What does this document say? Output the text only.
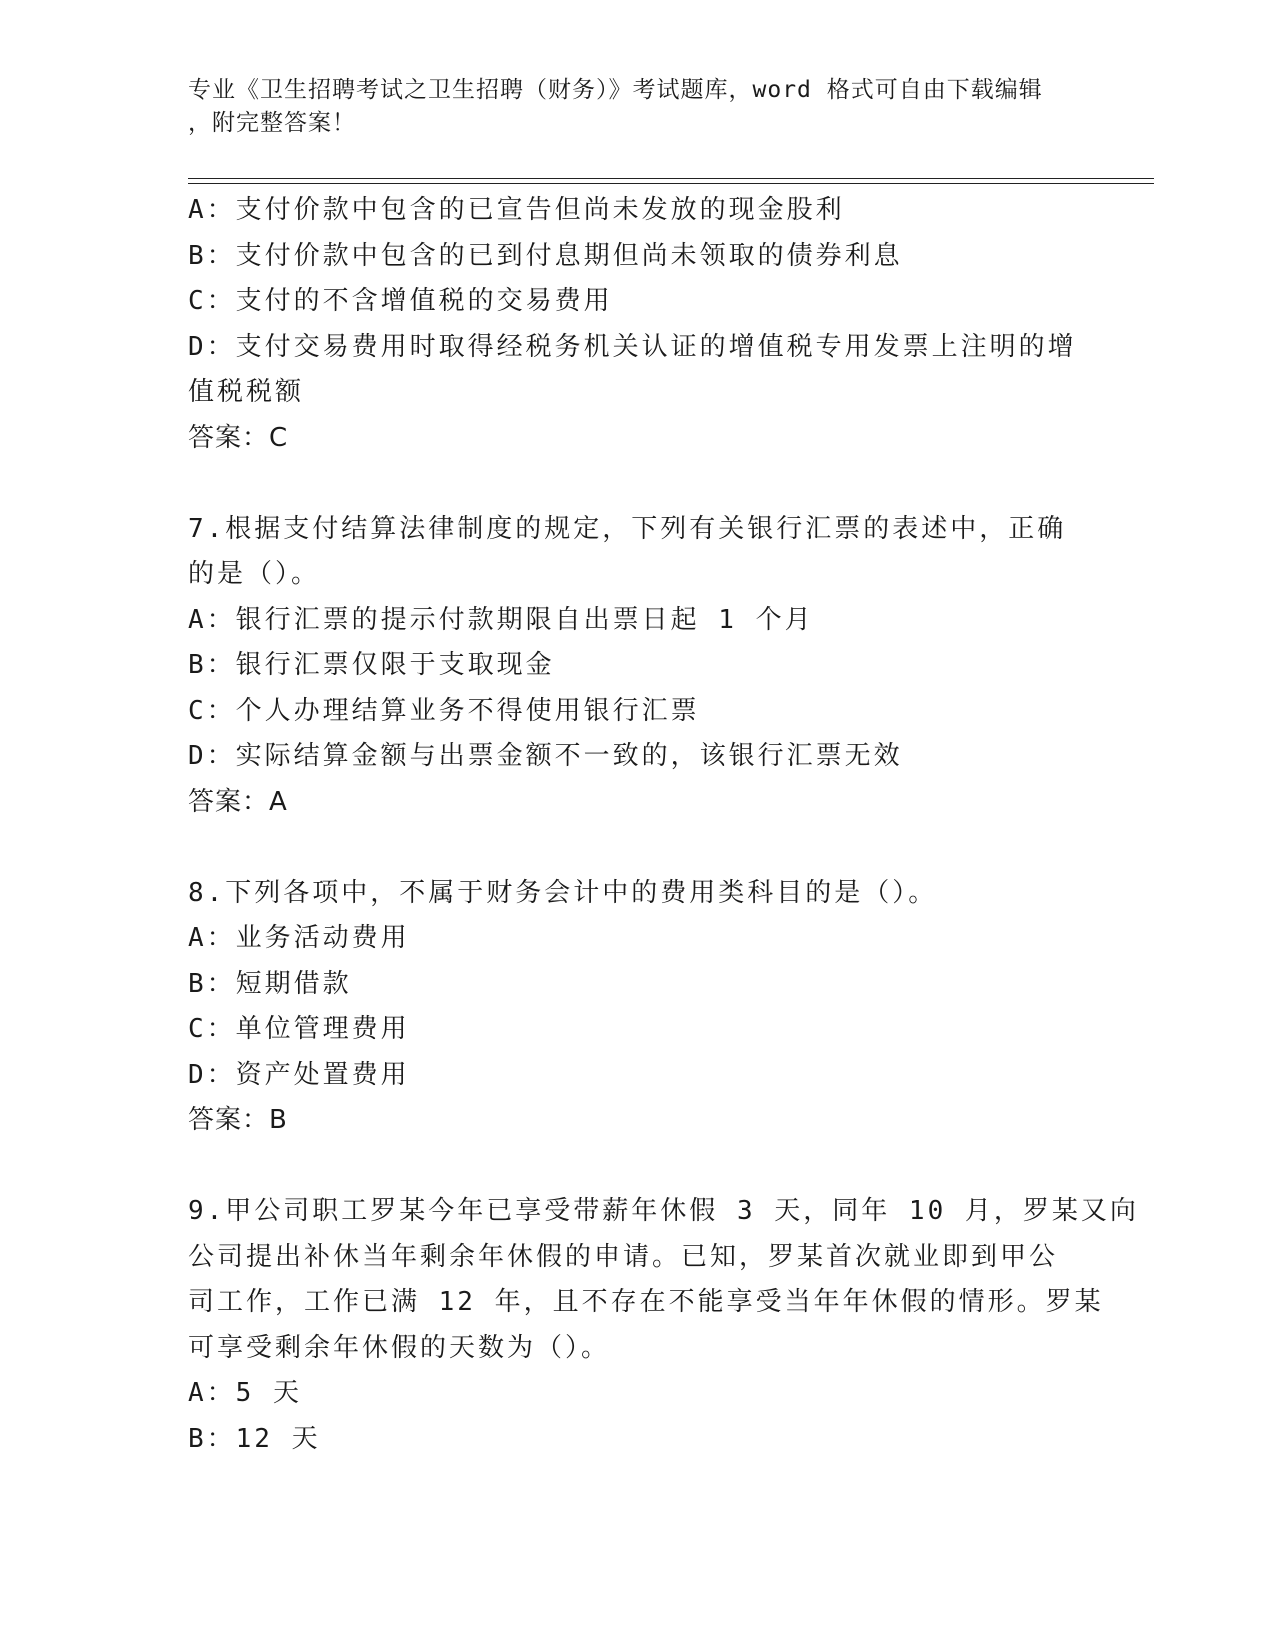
专业《卫生招聘考试之卫生招聘（财务）》考试题库，word 格式可自由下载编辑
，附完整答案！
A：支付价款中包含的已宣告但尚未发放的现金股利
B：支付价款中包含的已到付息期但尚未领取的债券利息
C：支付的不含增值税的交易费用
D：支付交易费用时取得经税务机关认证的增值税专用发票上注明的增
值税税额
答案：C
7.根据支付结算法律制度的规定，下列有关银行汇票的表述中，正确
的是（）。
A：银行汇票的提示付款期限自出票日起 1 个月
B：银行汇票仅限于支取现金
C：个人办理结算业务不得使用银行汇票
D：实际结算金额与出票金额不一致的，该银行汇票无效
答案：A
8.下列各项中，不属于财务会计中的费用类科目的是（）。
A：业务活动费用
B：短期借款
C：单位管理费用
D：资产处置费用
答案：B
9.甲公司职工罗某今年已享受带薪年休假 3 天，同年 10 月，罗某又向
公司提出补休当年剩余年休假的申请。已知，罗某首次就业即到甲公
司工作，工作已满 12 年，且不存在不能享受当年年休假的情形。罗某
可享受剩余年休假的天数为（）。
A：5 天
B：12 天
